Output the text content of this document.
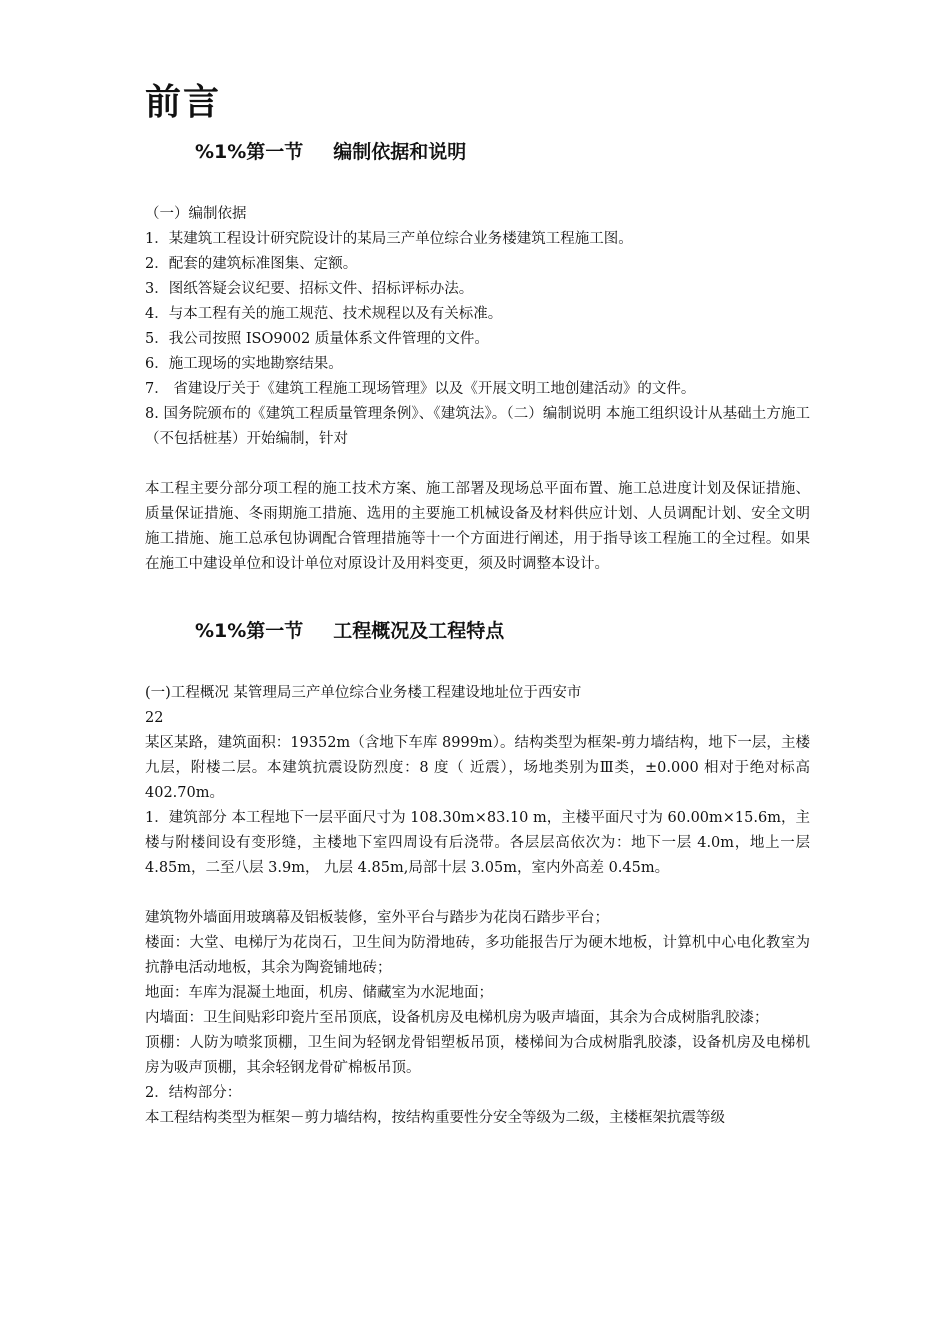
前言
%1%第一节 编制依据和说明

（一）编制依据

1．某建筑工程设计研究院设计的某局三产单位综合业务楼建筑工程施工图。

2．配套的建筑标准图集、定额。

3．图纸答疑会议纪要、招标文件、招标评标办法。

4．与本工程有关的施工规范、技术规程以及有关标准。

5．我公司按照 ISO9002 质量体系文件管理的文件。

6．施工现场的实地勘察结果。

7． 省建设厅关于《建筑工程施工现场管理》以及《开展文明工地创建活动》的文件。

8. 国务院颁布的《建筑工程质量管理条例》、《建筑法》。（二）编制说明 本施工组织设计从基础土方施工（不包括桩基）开始编制，针对

本工程主要分部分项工程的施工技术方案、施工部署及现场总平面布置、施工总进度计划及保证措施、质量保证措施、冬雨期施工措施、选用的主要施工机械设备及材料供应计划、人员调配计划、安全文明施工措施、施工总承包协调配合管理措施等十一个方面进行阐述，用于指导该工程施工的全过程。如果在施工中建设单位和设计单位对原设计及用料变更，须及时调整本设计。

%1%第一节 工程概况及工程特点

(一)工程概况 某管理局三产单位综合业务楼工程建设地址位于西安市

22

某区某路，建筑面积：19352m（含地下车库 8999m）。结构类型为框架-剪力墙结构，地下一层，主楼九层，附楼二层。本建筑抗震设防烈度：8 度（ 近震），场地类别为Ⅲ类，±0.000 相对于绝对标高 402.70m。

1．建筑部分 本工程地下一层平面尺寸为 108.30m×83.10 m，主楼平面尺寸为 60.00m×15.6m，主楼与附楼间设有变形缝，主楼地下室四周设有后浇带。各层层高依次为：地下一层 4.0m，地上一层 4.85m，二至八层 3.9m， 九层 4.85m,局部十层 3.05m，室内外高差 0.45m。

建筑物外墙面用玻璃幕及铝板装修，室外平台与踏步为花岗石踏步平台；

楼面：大堂、电梯厅为花岗石，卫生间为防滑地砖，多功能报告厅为硬木地板，计算机中心电化教室为抗静电活动地板，其余为陶瓷铺地砖；

地面：车库为混凝土地面，机房、储藏室为水泥地面；

内墙面：卫生间贴彩印瓷片至吊顶底，设备机房及电梯机房为吸声墙面，其余为合成树脂乳胶漆；

顶棚：人防为喷浆顶棚，卫生间为轻钢龙骨铝塑板吊顶，楼梯间为合成树脂乳胶漆，设备机房及电梯机房为吸声顶棚，其余轻钢龙骨矿棉板吊顶。

2．结构部分：

本工程结构类型为框架－剪力墙结构，按结构重要性分安全等级为二级，主楼框架抗震等级
